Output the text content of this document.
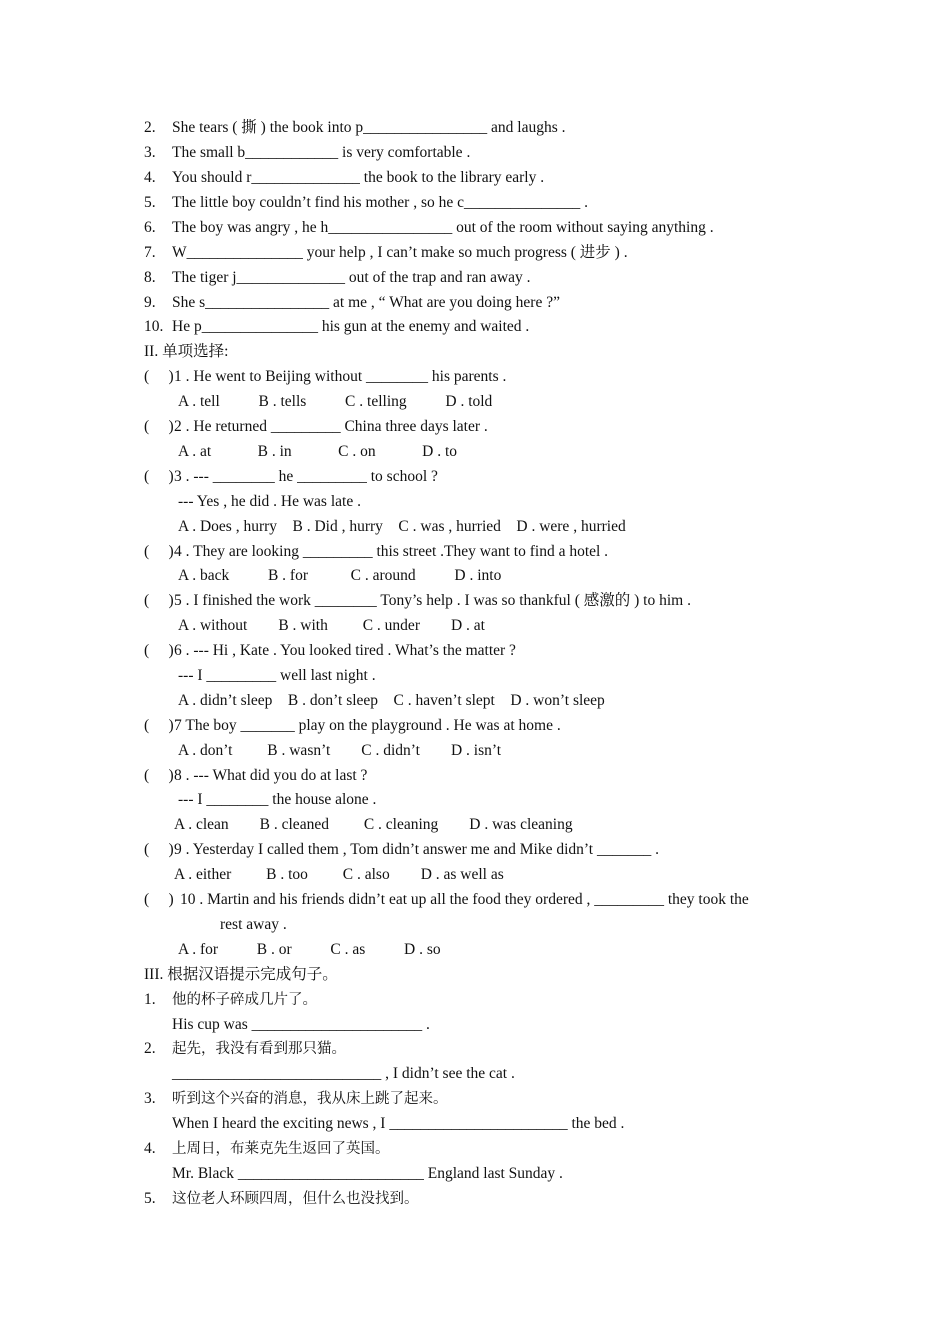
2. She tears ( 撕 ) the book into p________________ and laughs .
3. The small b____________ is very comfortable .
4. You should r______________ the book to the library early .
5. The little boy couldn’t find his mother , so he c_______________ .
6. The boy was angry , he h________________ out of the room without saying anything .
7. W_______________ your help , I can’t make so much progress ( 进步 ) .
8. The tiger j______________ out of the trap and ran away .
9. She s________________ at me , “ What are you doing here ?”
10. He p_______________ his gun at the enemy and waited .
II. 单项选择:
(     )1 . He went to Beijing without ________ his parents .
A . tell          B . tells          C . telling          D . told
(     )2 . He returned _________ China three days later .
A . at            B . in            C . on            D . to
(     )3 . --- ________ he _________ to school ?
--- Yes , he did . He was late .
A . Does , hurry    B . Did , hurry    C . was , hurried    D . were , hurried
(     )4 . They are looking _________ this street .They want to find a hotel .
A . back          B . for           C . around          D . into
(     )5 . I finished the work ________ Tony’s help . I was so thankful ( 感激的 ) to him .
A . without        B . with         C . under        D . at
(     )6 . --- Hi , Kate . You looked tired . What’s the matter ?
--- I _________ well last night .
A . didn’t sleep    B . don’t sleep    C . haven’t slept    D . won’t sleep
(     )7 The boy _______ play on the playground . He was at home .
A . don’t         B . wasn’t        C . didn’t        D . isn’t
(     )8 . --- What did you do at last ?
--- I ________ the house alone .
A . clean        B . cleaned         C . cleaning        D . was cleaning
(     )9 . Yesterday I called them , Tom didn’t answer me and Mike didn’t _______ .
A . either         B . too         C . also        D . as well as
(     ) 10 . Martin and his friends didn’t eat up all the food they ordered , _________ they took the
rest away .
A . for          B . or          C . as          D . so
III. 根据汉语提示完成句子。
1. 他的杯子碎成几片了。
His cup was ______________________ .
2. 起先，我没有看到那只猫。
___________________________ , I didn’t see the cat .
3. 听到这个兴奋的消息，我从床上跳了起来。
When I heard the exciting news , I _______________________ the bed .
4. 上周日，布莱克先生返回了英国。
Mr. Black ________________________ England last Sunday .
5. 这位老人环顾四周，但什么也没找到。
